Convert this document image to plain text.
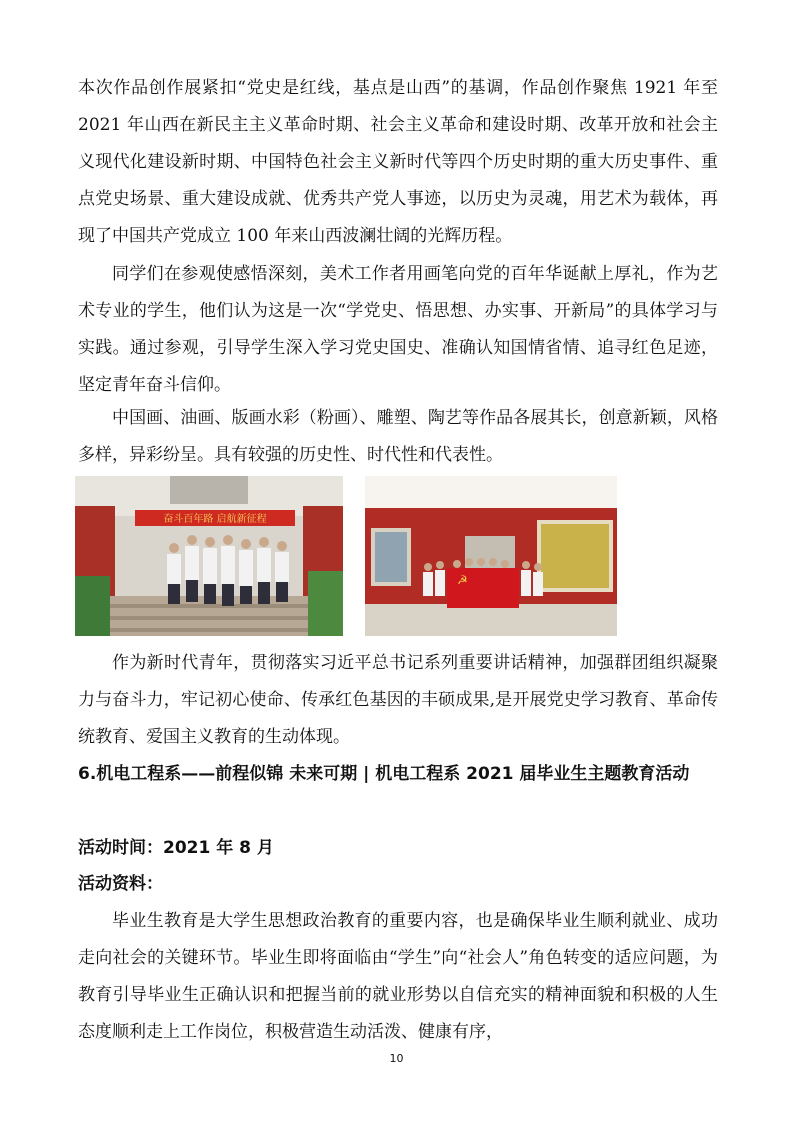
本次作品创作展紧扣“党史是红线，基点是山西”的基调，作品创作聚焦 1921 年至 2021 年山西在新民主主义革命时期、社会主义革命和建设时期、改革开放和社会主义现代化建设新时期、中国特色社会主义新时代等四个历史时期的重大历史事件、重点党史场景、重大建设成就、优秀共产党人事迹，以历史为灵魂，用艺术为载体，再现了中国共产党成立 100 年来山西波澜壮阔的光辉历程。

同学们在参观使感悟深刻，美术工作者用画笔向党的百年华诞献上厚礼，作为艺术专业的学生，他们认为这是一次“学党史、悟思想、办实事、开新局”的具体学习与实践。通过参观，引导学生深入学习党史国史、准确认知国情省情、追寻红色足迹，坚定青年奋斗信仰。

中国画、油画、版画水彩（粉画）、雕塑、陶艺等作品各展其长，创意新颖，风格多样，异彩纷呈。具有较强的历史性、时代性和代表性。

奋斗百年路 启航新征程
☭

作为新时代青年，贯彻落实习近平总书记系列重要讲话精神，加强群团组织凝聚力与奋斗力，牢记初心使命、传承红色基因的丰硕成果,是开展党史学习教育、革命传统教育、爱国主义教育的生动体现。

6.机电工程系——前程似锦 未来可期 | 机电工程系 2021 届毕业生主题教育活动

活动时间：2021 年 8 月

活动资料：

毕业生教育是大学生思想政治教育的重要内容，也是确保毕业生顺利就业、成功走向社会的关键环节。毕业生即将面临由“学生”向“社会人”角色转变的适应问题，为教育引导毕业生正确认识和把握当前的就业形势以自信充实的精神面貌和积极的人生态度顺利走上工作岗位，积极营造生动活泼、健康有序，

10
